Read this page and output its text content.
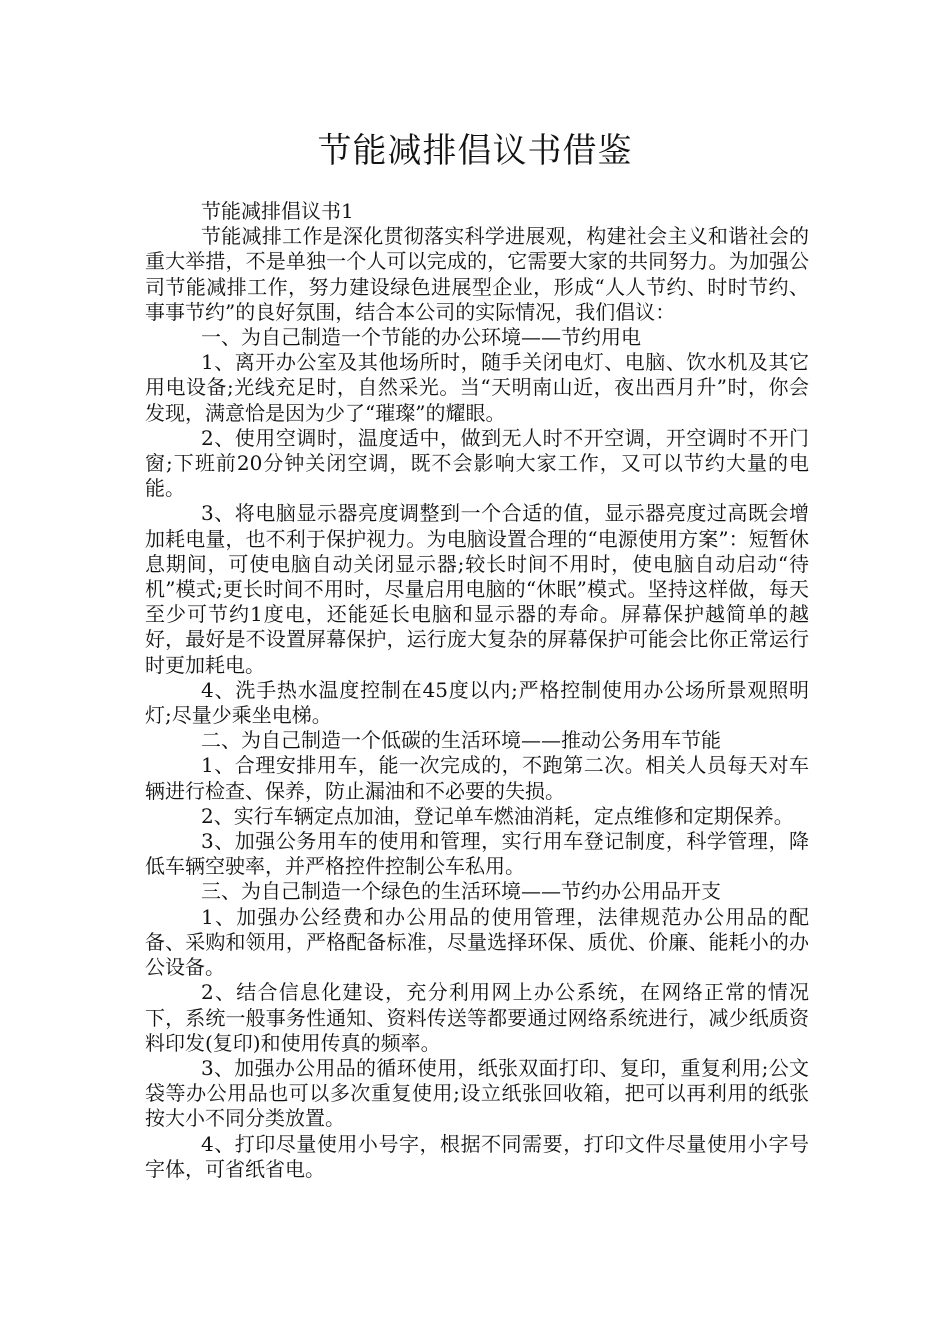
节能减排倡议书借鉴

节能减排倡议书1

节能减排工作是深化贯彻落实科学进展观，构建社会主义和谐社会的重大举措，不是单独一个人可以完成的，它需要大家的共同努力。为加强公司节能减排工作，努力建设绿色进展型企业，形成“人人节约、时时节约、事事节约”的良好氛围，结合本公司的实际情况，我们倡议：

一、为自己制造一个节能的办公环境——节约用电

1、离开办公室及其他场所时，随手关闭电灯、电脑、饮水机及其它用电设备;光线充足时，自然采光。当“天明南山近，夜出西月升”时，你会发现，满意恰是因为少了“璀璨”的耀眼。

2、使用空调时，温度适中，做到无人时不开空调，开空调时不开门窗;下班前20分钟关闭空调，既不会影响大家工作，又可以节约大量的电能。

3、将电脑显示器亮度调整到一个合适的值，显示器亮度过高既会增加耗电量，也不利于保护视力。为电脑设置合理的“电源使用方案”：短暂休息期间，可使电脑自动关闭显示器;较长时间不用时，使电脑自动启动“待机”模式;更长时间不用时，尽量启用电脑的“休眠”模式。坚持这样做，每天至少可节约1度电，还能延长电脑和显示器的寿命。屏幕保护越简单的越好，最好是不设置屏幕保护，运行庞大复杂的屏幕保护可能会比你正常运行时更加耗电。

4、洗手热水温度控制在45度以内;严格控制使用办公场所景观照明灯;尽量少乘坐电梯。

二、为自己制造一个低碳的生活环境——推动公务用车节能

1、合理安排用车，能一次完成的，不跑第二次。相关人员每天对车辆进行检查、保养，防止漏油和不必要的失损。

2、实行车辆定点加油，登记单车燃油消耗，定点维修和定期保养。

3、加强公务用车的使用和管理，实行用车登记制度，科学管理，降低车辆空驶率，并严格控件控制公车私用。

三、为自己制造一个绿色的生活环境——节约办公用品开支

1、加强办公经费和办公用品的使用管理，法律规范办公用品的配备、采购和领用，严格配备标准，尽量选择环保、质优、价廉、能耗小的办公设备。

2、结合信息化建设，充分利用网上办公系统，在网络正常的情况下，系统一般事务性通知、资料传送等都要通过网络系统进行，减少纸质资料印发(复印)和使用传真的频率。

3、加强办公用品的循环使用，纸张双面打印、复印，重复利用;公文袋等办公用品也可以多次重复使用;设立纸张回收箱，把可以再利用的纸张按大小不同分类放置。

4、打印尽量使用小号字，根据不同需要，打印文件尽量使用小字号字体，可省纸省电。
